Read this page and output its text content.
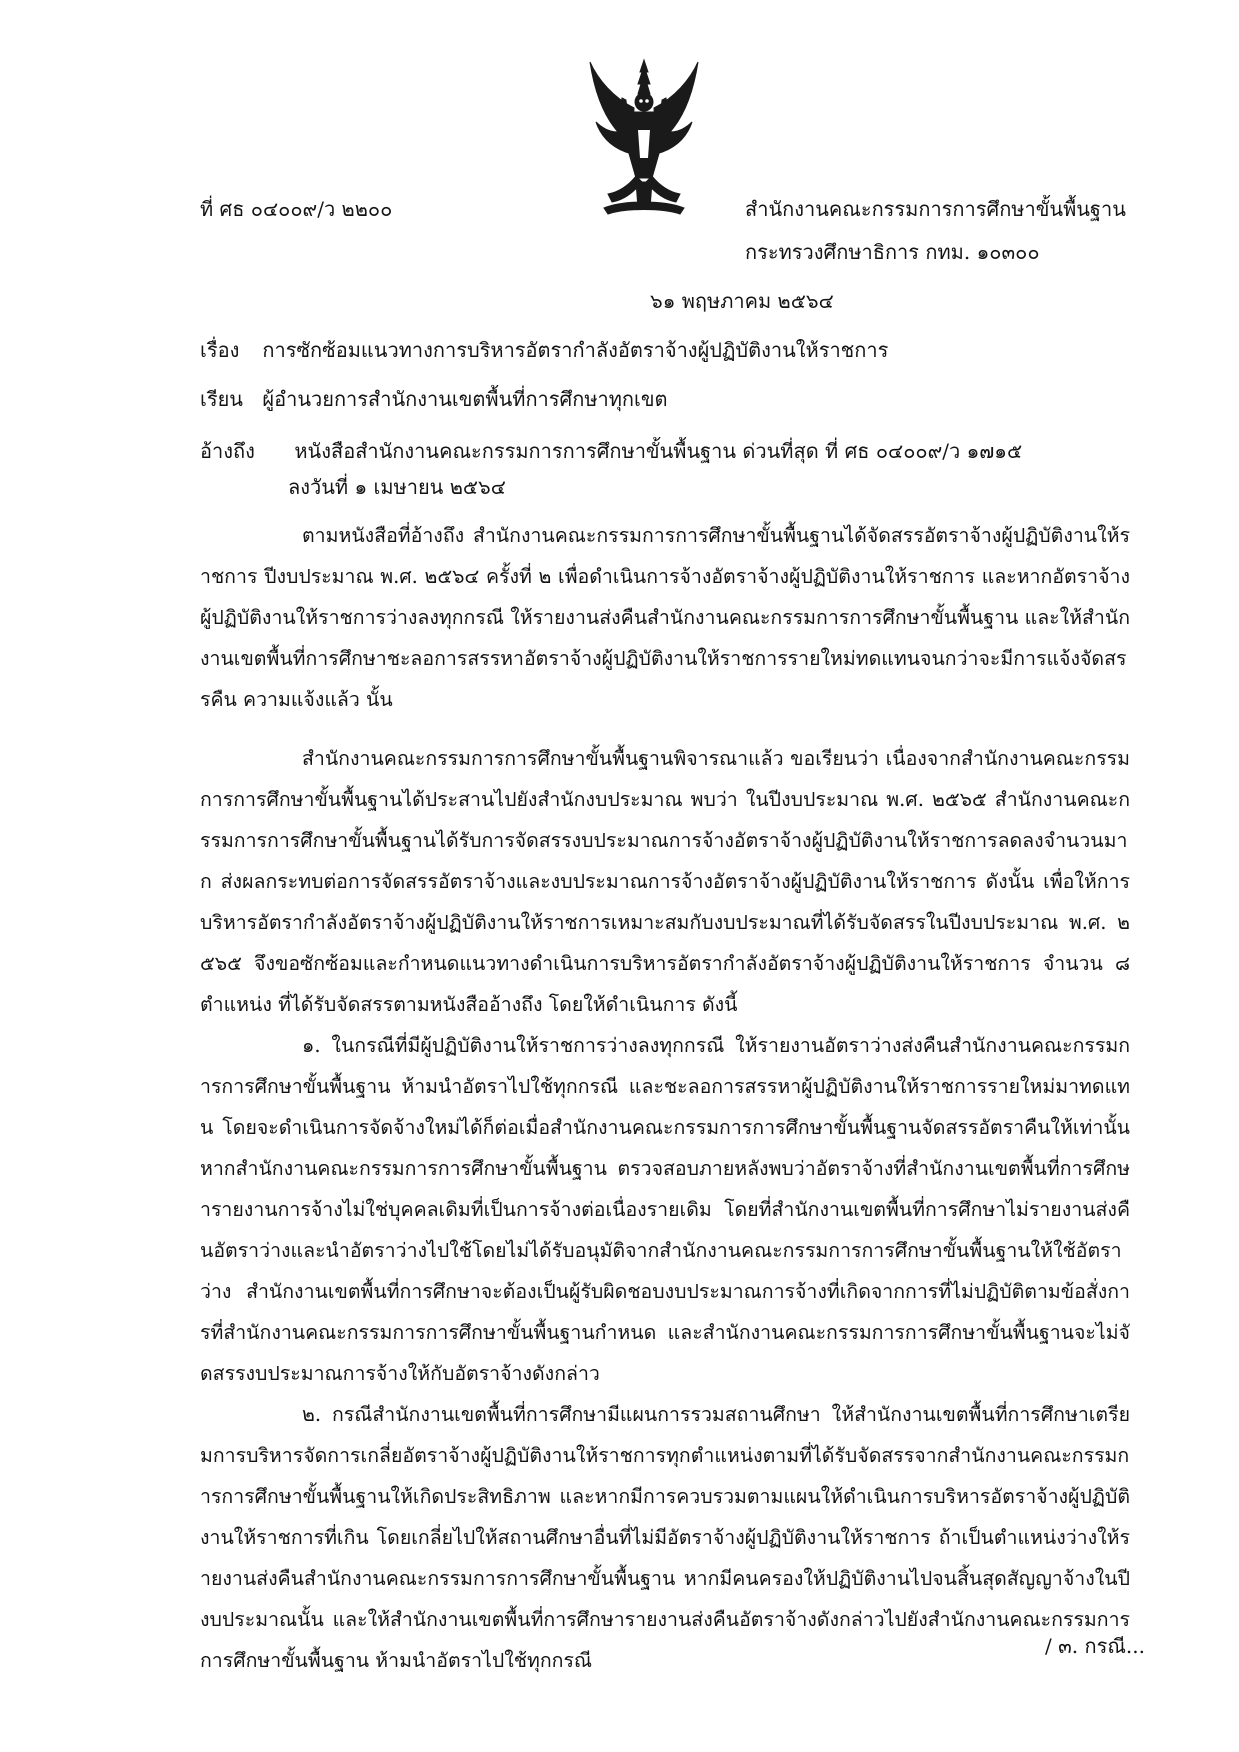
ที่ ศธ ๐๔๐๐๙/ว ๒๒๐๐	สำนักงานคณะกรรมการการศึกษาขั้นพื้นฐาน
กระทรวงศึกษาธิการ กทม. ๑๐๓๐๐
๖๑ พฤษภาคม ๒๕๖๔
เรื่อง การซักซ้อมแนวทางการบริหารอัตรากำลังอัตราจ้างผู้ปฏิบัติงานให้ราชการ
เรียน ผู้อำนวยการสำนักงานเขตพื้นที่การศึกษาทุกเขต
อ้างถึง หนังสือสำนักงานคณะกรรมการการศึกษาขั้นพื้นฐาน ด่วนที่สุด ที่ ศธ ๐๔๐๐๙/ว ๑๗๑๕
ลงวันที่ ๑ เมษายน ๒๕๖๔

ตามหนังสือที่อ้างถึง สำนักงานคณะกรรมการการศึกษาขั้นพื้นฐานได้จัดสรรอัตราจ้างผู้ปฏิบัติงานให้ราชการ ปีงบประมาณ พ.ศ. ๒๕๖๔ ครั้งที่ ๒ เพื่อดำเนินการจ้างอัตราจ้างผู้ปฏิบัติงานให้ราชการ และหากอัตราจ้างผู้ปฏิบัติงานให้ราชการว่างลงทุกกรณี ให้รายงานส่งคืนสำนักงานคณะกรรมการการศึกษาขั้นพื้นฐาน และให้สำนักงานเขตพื้นที่การศึกษาชะลอการสรรหาอัตราจ้างผู้ปฏิบัติงานให้ราชการรายใหม่ทดแทนจนกว่าจะมีการแจ้งจัดสรรคืน ความแจ้งแล้ว นั้น

สำนักงานคณะกรรมการการศึกษาขั้นพื้นฐานพิจารณาแล้ว ขอเรียนว่า เนื่องจากสำนักงานคณะกรรมการการศึกษาขั้นพื้นฐานได้ประสานไปยังสำนักงบประมาณ พบว่า ในปีงบประมาณ พ.ศ. ๒๕๖๕ สำนักงานคณะกรรมการการศึกษาขั้นพื้นฐานได้รับการจัดสรรงบประมาณการจ้างอัตราจ้างผู้ปฏิบัติงานให้ราชการลดลงจำนวนมาก ส่งผลกระทบต่อการจัดสรรอัตราจ้างและงบประมาณการจ้างอัตราจ้างผู้ปฏิบัติงานให้ราชการ ดังนั้น เพื่อให้การบริหารอัตรากำลังอัตราจ้างผู้ปฏิบัติงานให้ราชการเหมาะสมกับงบประมาณที่ได้รับจัดสรรในปีงบประมาณ พ.ศ. ๒๕๖๕ จึงขอซักซ้อมและกำหนดแนวทางดำเนินการบริหารอัตรากำลังอัตราจ้างผู้ปฏิบัติงานให้ราชการ จำนวน ๘ ตำแหน่ง ที่ได้รับจัดสรรตามหนังสืออ้างถึง โดยให้ดำเนินการ ดังนี้

๑. ในกรณีที่มีผู้ปฏิบัติงานให้ราชการว่างลงทุกกรณี ให้รายงานอัตราว่างส่งคืนสำนักงานคณะกรรมการการศึกษาขั้นพื้นฐาน ห้ามนำอัตราไปใช้ทุกกรณี และชะลอการสรรหาผู้ปฏิบัติงานให้ราชการรายใหม่มาทดแทน โดยจะดำเนินการจัดจ้างใหม่ได้ก็ต่อเมื่อสำนักงานคณะกรรมการการศึกษาขั้นพื้นฐานจัดสรรอัตราคืนให้เท่านั้น หากสำนักงานคณะกรรมการการศึกษาขั้นพื้นฐาน ตรวจสอบภายหลังพบว่าอัตราจ้างที่สำนักงานเขตพื้นที่การศึกษารายงานการจ้างไม่ใช่บุคคลเดิมที่เป็นการจ้างต่อเนื่องรายเดิม โดยที่สำนักงานเขตพื้นที่การศึกษาไม่รายงานส่งคืนอัตราว่างและนำอัตราว่างไปใช้โดยไม่ได้รับอนุมัติจากสำนักงานคณะกรรมการการศึกษาขั้นพื้นฐานให้ใช้อัตราว่าง สำนักงานเขตพื้นที่การศึกษาจะต้องเป็นผู้รับผิดชอบงบประมาณการจ้างที่เกิดจากการที่ไม่ปฏิบัติตามข้อสั่งการที่สำนักงานคณะกรรมการการศึกษาขั้นพื้นฐานกำหนด และสำนักงานคณะกรรมการการศึกษาขั้นพื้นฐานจะไม่จัดสรรงบประมาณการจ้างให้กับอัตราจ้างดังกล่าว

๒. กรณีสำนักงานเขตพื้นที่การศึกษามีแผนการรวมสถานศึกษา ให้สำนักงานเขตพื้นที่การศึกษาเตรียมการบริหารจัดการเกลี่ยอัตราจ้างผู้ปฏิบัติงานให้ราชการทุกตำแหน่งตามที่ได้รับจัดสรรจากสำนักงานคณะกรรมการการศึกษาขั้นพื้นฐานให้เกิดประสิทธิภาพ และหากมีการควบรวมตามแผนให้ดำเนินการบริหารอัตราจ้างผู้ปฏิบัติงานให้ราชการที่เกิน โดยเกลี่ยไปให้สถานศึกษาอื่นที่ไม่มีอัตราจ้างผู้ปฏิบัติงานให้ราชการ ถ้าเป็นตำแหน่งว่างให้รายงานส่งคืนสำนักงานคณะกรรมการการศึกษาขั้นพื้นฐาน หากมีคนครองให้ปฏิบัติงานไปจนสิ้นสุดสัญญาจ้างในปีงบประมาณนั้น และให้สำนักงานเขตพื้นที่การศึกษารายงานส่งคืนอัตราจ้างดังกล่าวไปยังสำนักงานคณะกรรมการการศึกษาขั้นพื้นฐาน ห้ามนำอัตราไปใช้ทุกกรณี

/ ๓. กรณี...
